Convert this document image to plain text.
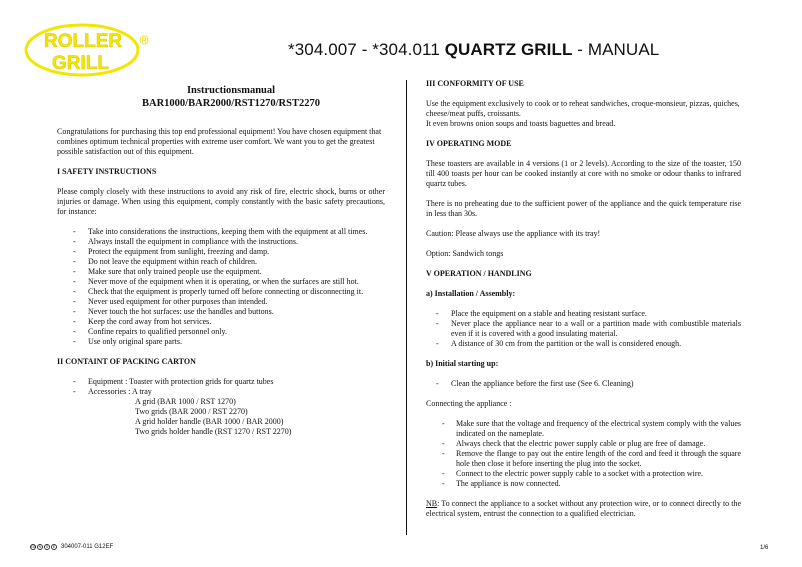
ROLLER
GRILL
R	*304.007 - *304.011 QUARTZ GRILL - MANUAL
Instructionsmanual
BAR1000/BAR2000/RST1270/RST2270

Congratulations for purchasing this top end professional equipment! You have chosen equipment that combines optimum technical properties with extreme user comfort. We want you to get the greatest possible satisfaction out of this equipment.

I SAFETY INSTRUCTIONS

Please comply closely with these instructions to avoid any risk of fire, electric shock, burns or other injuries or damage. When using this equipment, comply constantly with the basic safety precautions, for instance:

- Take into considerations the instructions, keeping them with the equipment at all times.
- Always install the equipment in compliance with the instructions.
- Protect the equipment from sunlight, freezing and damp.
- Do not leave the equipment within reach of children.
- Make sure that only trained people use the equipment.
- Never move of the equipment when it is operating, or when the surfaces are still hot.
- Check that the equipment is properly turned off before connecting or disconnecting it.
- Never used equipment for other purposes than intended.
- Never touch the hot surfaces: use the handles and buttons.
- Keep the cord away from hot services.
- Confine repairs to qualified personnel only.
- Use only original spare parts.
II CONTAINT OF PACKING CARTON
- Equipment : Toaster with protection grids for quartz tubes
- Accessories : A tray
A grid (BAR 1000 / RST 1270)
Two grids (BAR 2000 / RST 2270)
A grid holder handle (BAR 1000 / BAR 2000)
Two grids holder handle (RST 1270 / RST 2270)
III CONFORMITY OF USE

Use the equipment exclusively to cook or to reheat sandwiches, croque-monsieur, pizzas, quiches, cheese/meat puffs, croissants.

It even browns onion soups and toasts baguettes and bread.

IV OPERATING MODE

These toasters are available in 4 versions (1 or 2 levels). According to the size of the toaster, 150 till 400 toasts per hour can be cooked instantly at core with no smoke or odour thanks to infrared quartz tubes.

There is no preheating due to the sufficient power of the appliance and the quick temperature rise in less than 30s.

Caution: Please always use the appliance with its tray!

Option: Sandwich tongs

V OPERATION / HANDLING
a) Installation / Assembly:
- Place the equipment on a stable and heating resistant surface.
- Never place the appliance near to a wall or a partition made with combustible materials even if it is covered with a good insulating material.
- A distance of 30 cm from the partition or the wall is considered enough.
b) Initial starting up:
- Clean the appliance before the first use (See 6. Cleaning)

Connecting the appliance :

- Make sure that the voltage and frequency of the electrical system comply with the values indicated on the nameplate.
- Always check that the electric power supply cable or plug are free of damage.
- Remove the flange to pay out the entire length of the cord and feed it through the square hole then close it before inserting the plug into the socket.
- Connect to the electric power supply cable to a socket with a protection wire.
- The appliance is now connected.

NB: To connect the appliance to a socket without any protection wire, or to connect directly to the electrical system, entrust the connection to a qualified electrician.

CE N	S	E 304007-011 G12EF	1/6
